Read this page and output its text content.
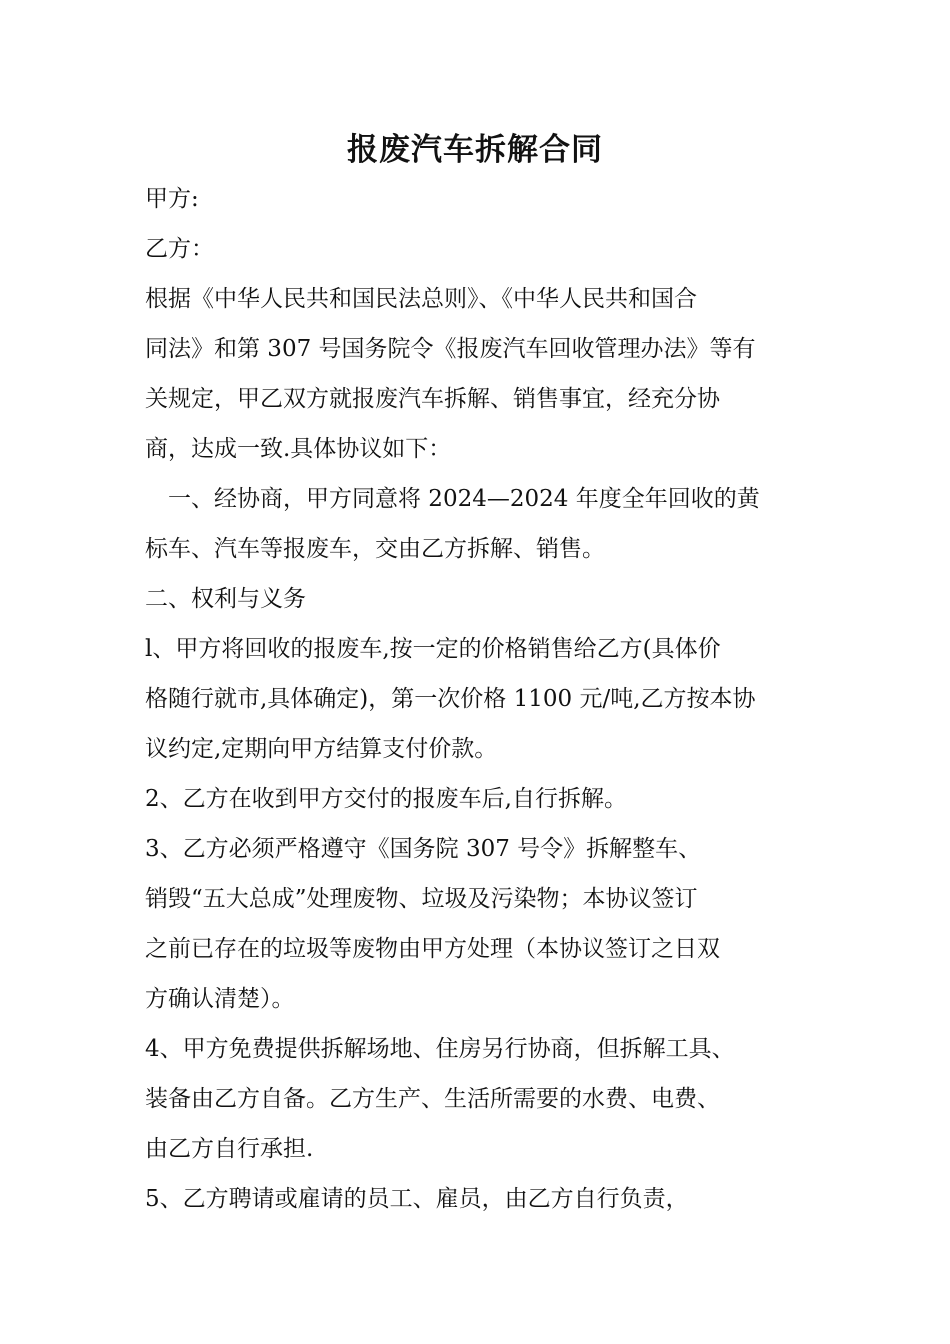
报废汽车拆解合同
甲方:
乙方：
根据《中华人民共和国民法总则》、《中华人民共和国合
同法》和第 307 号国务院令《报废汽车回收管理办法》等有
关规定，甲乙双方就报废汽车拆解、销售事宜，经充分协
商，达成一致.具体协议如下：
　一、经协商，甲方同意将 2024—2024 年度全年回收的黄
标车、汽车等报废车，交由乙方拆解、销售。
二、权利与义务
l、甲方将回收的报废车,按一定的价格销售给乙方(具体价
格随行就市,具体确定)，第一次价格 1100 元/吨,乙方按本协
议约定,定期向甲方结算支付价款。
2、乙方在收到甲方交付的报废车后,自行拆解。
3、乙方必须严格遵守《国务院 307 号令》拆解整车、
销毁“五大总成”处理废物、垃圾及污染物；本协议签订
之前已存在的垃圾等废物由甲方处理（本协议签订之日双
方确认清楚）。
4、甲方免费提供拆解场地、住房另行协商，但拆解工具、
装备由乙方自备。乙方生产、生活所需要的水费、电费、
由乙方自行承担.
5、乙方聘请或雇请的员工、雇员，由乙方自行负责，
